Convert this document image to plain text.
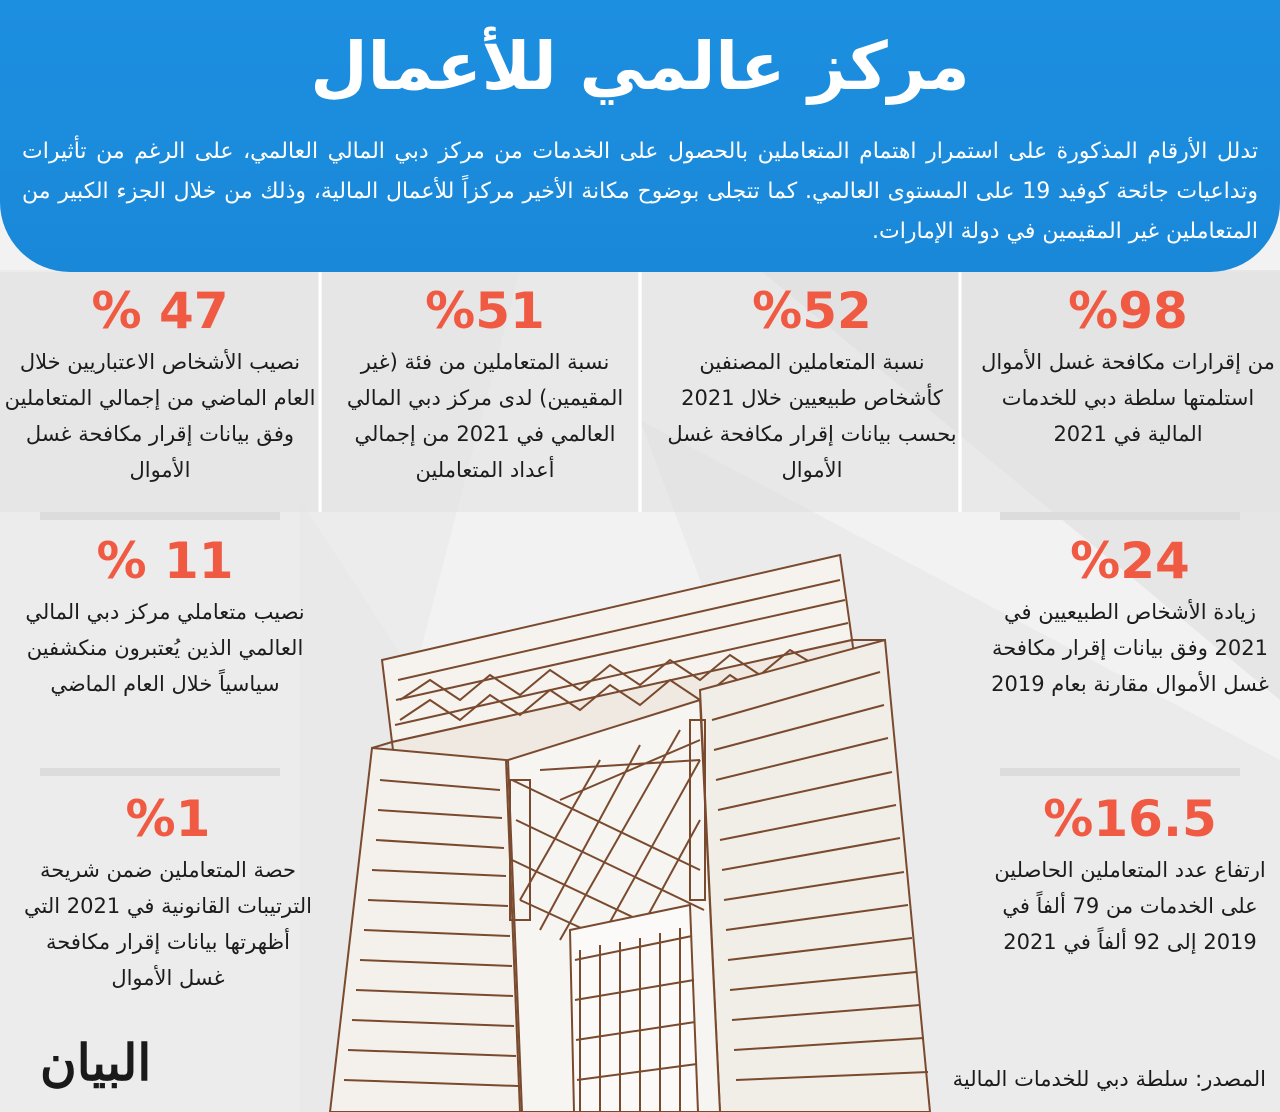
مركز عالمي للأعمال

تدلل الأرقام المذكورة على استمرار اهتمام المتعاملين بالحصول على الخدمات من مركز دبي المالي العالمي، على الرغم من تأثيرات وتداعيات جائحة كوفيد 19 على المستوى العالمي. كما تتجلى بوضوح مكانة الأخير مركزاً للأعمال المالية، وذلك من خلال الجزء الكبير من المتعاملين غير المقيمين في دولة الإمارات.

%98
من إقرارات مكافحة غسل الأموال استلمتها سلطة دبي للخدمات المالية في 2021
%52
نسبة المتعاملين المصنفين كأشخاص طبيعيين خلال 2021 بحسب بيانات إقرار مكافحة غسل الأموال
%51
نسبة المتعاملين من فئة (غير المقيمين) لدى مركز دبي المالي العالمي في 2021 من إجمالي أعداد المتعاملين
% 47
نصيب الأشخاص الاعتباريين خلال العام الماضي من إجمالي المتعاملين وفق بيانات إقرار مكافحة غسل الأموال
%24
زيادة الأشخاص الطبيعيين في 2021 وفق بيانات إقرار مكافحة غسل الأموال مقارنة بعام 2019
% 11
نصيب متعاملي مركز دبي المالي العالمي الذين يُعتبرون منكشفين سياسياً خلال العام الماضي
%16.5
ارتفاع عدد المتعاملين الحاصلين على الخدمات من 79 ألفاً في 2019 إلى 92 ألفاً في 2021
%1
حصة المتعاملين ضمن شريحة الترتيبات القانونية في 2021 التي أظهرتها بيانات إقرار مكافحة غسل الأموال
البيان	المصدر: سلطة دبي للخدمات المالية
